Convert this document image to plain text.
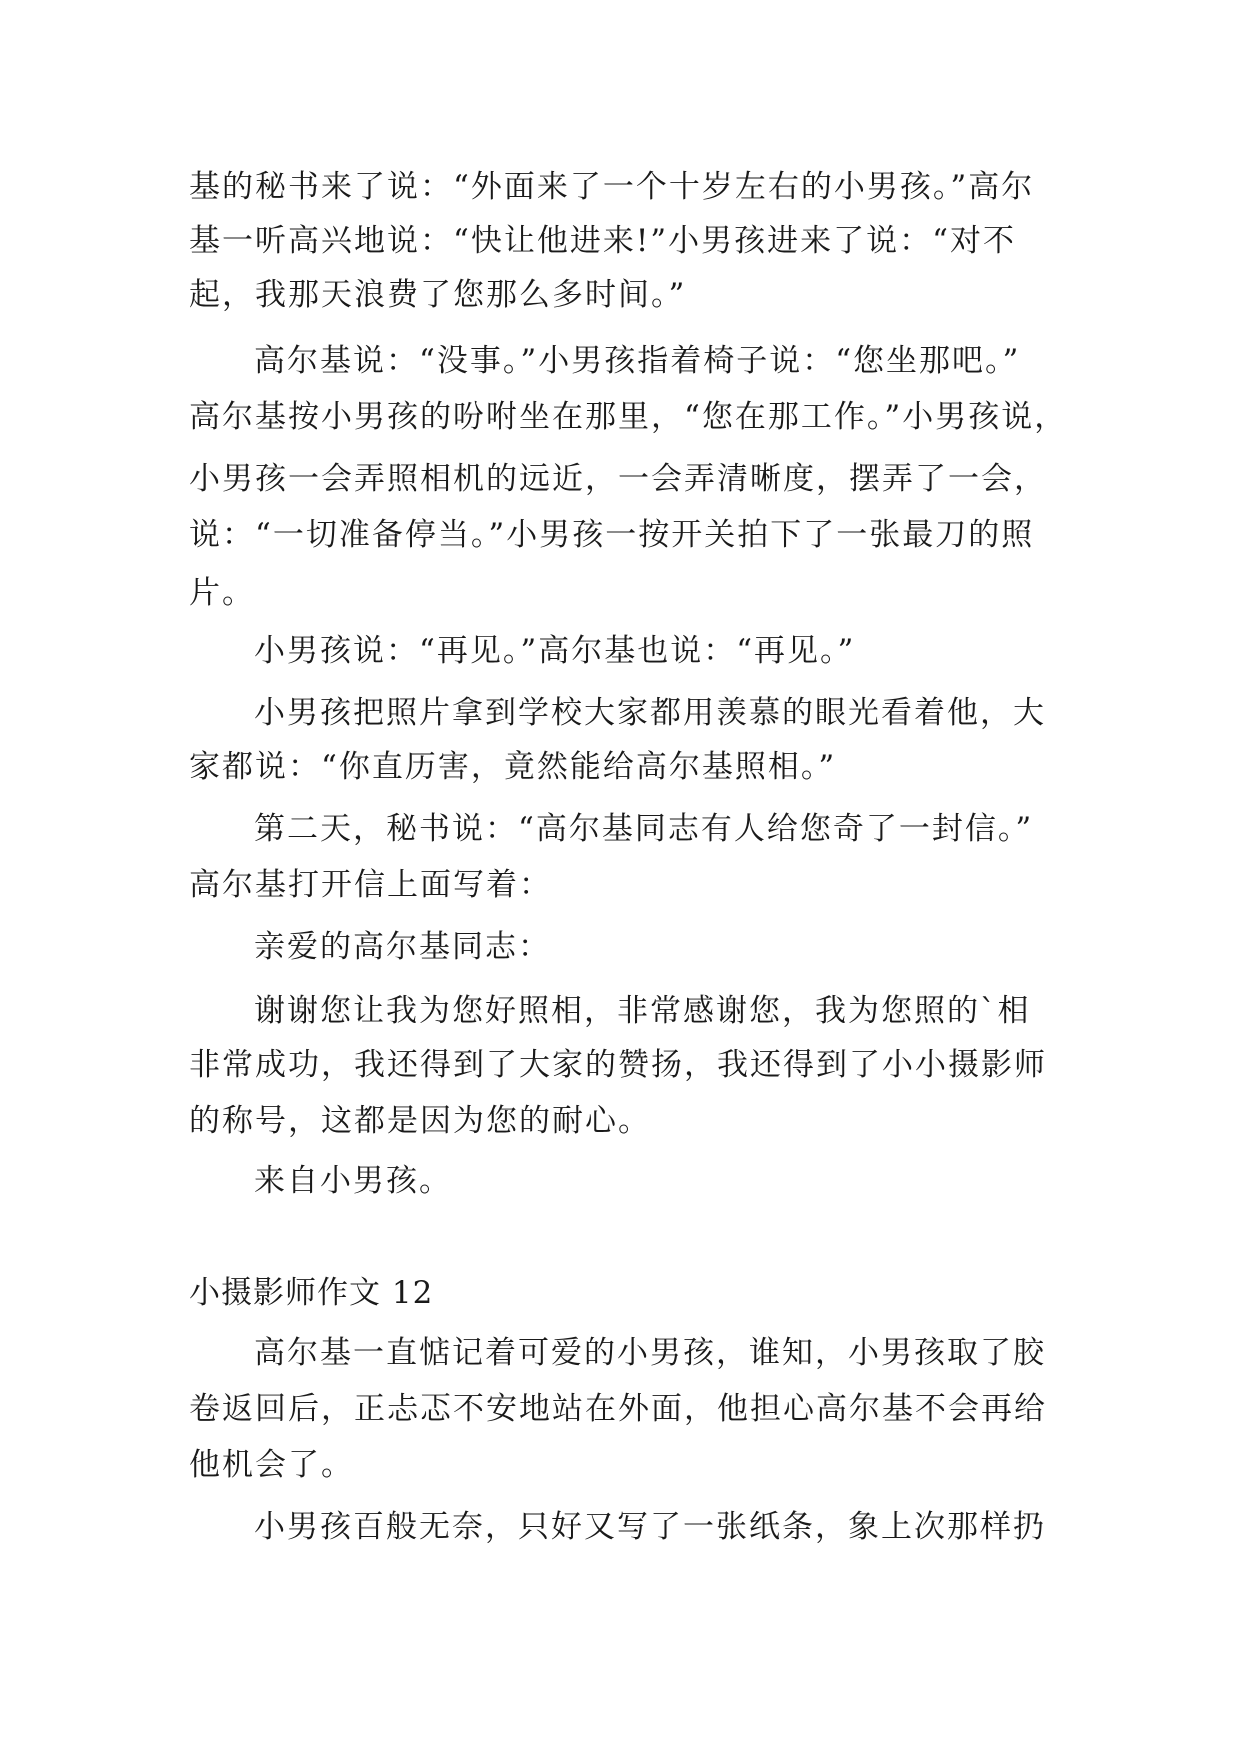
基的秘书来了说：“外面来了一个十岁左右的小男孩。”高尔
基一听高兴地说：“快让他进来!”小男孩进来了说：“对不
起，我那天浪费了您那么多时间。”
高尔基说：“没事。”小男孩指着椅子说：“您坐那吧。”
高尔基按小男孩的吩咐坐在那里，“您在那工作。”小男孩说，
小男孩一会弄照相机的远近，一会弄清晰度，摆弄了一会，
说：“一切准备停当。”小男孩一按开关拍下了一张最刀的照
片。
小男孩说：“再见。”高尔基也说：“再见。”
小男孩把照片拿到学校大家都用羡慕的眼光看着他，大
家都说：“你直历害，竟然能给高尔基照相。”
第二天，秘书说：“高尔基同志有人给您奇了一封信。”
高尔基打开信上面写着：
亲爱的高尔基同志：
谢谢您让我为您好照相，非常感谢您，我为您照的`相
非常成功，我还得到了大家的赞扬，我还得到了小小摄影师
的称号，这都是因为您的耐心。
来自小男孩。
小摄影师作文 12
高尔基一直惦记着可爱的小男孩，谁知，小男孩取了胶
卷返回后，正忐忑不安地站在外面，他担心高尔基不会再给
他机会了。
小男孩百般无奈，只好又写了一张纸条，象上次那样扔
